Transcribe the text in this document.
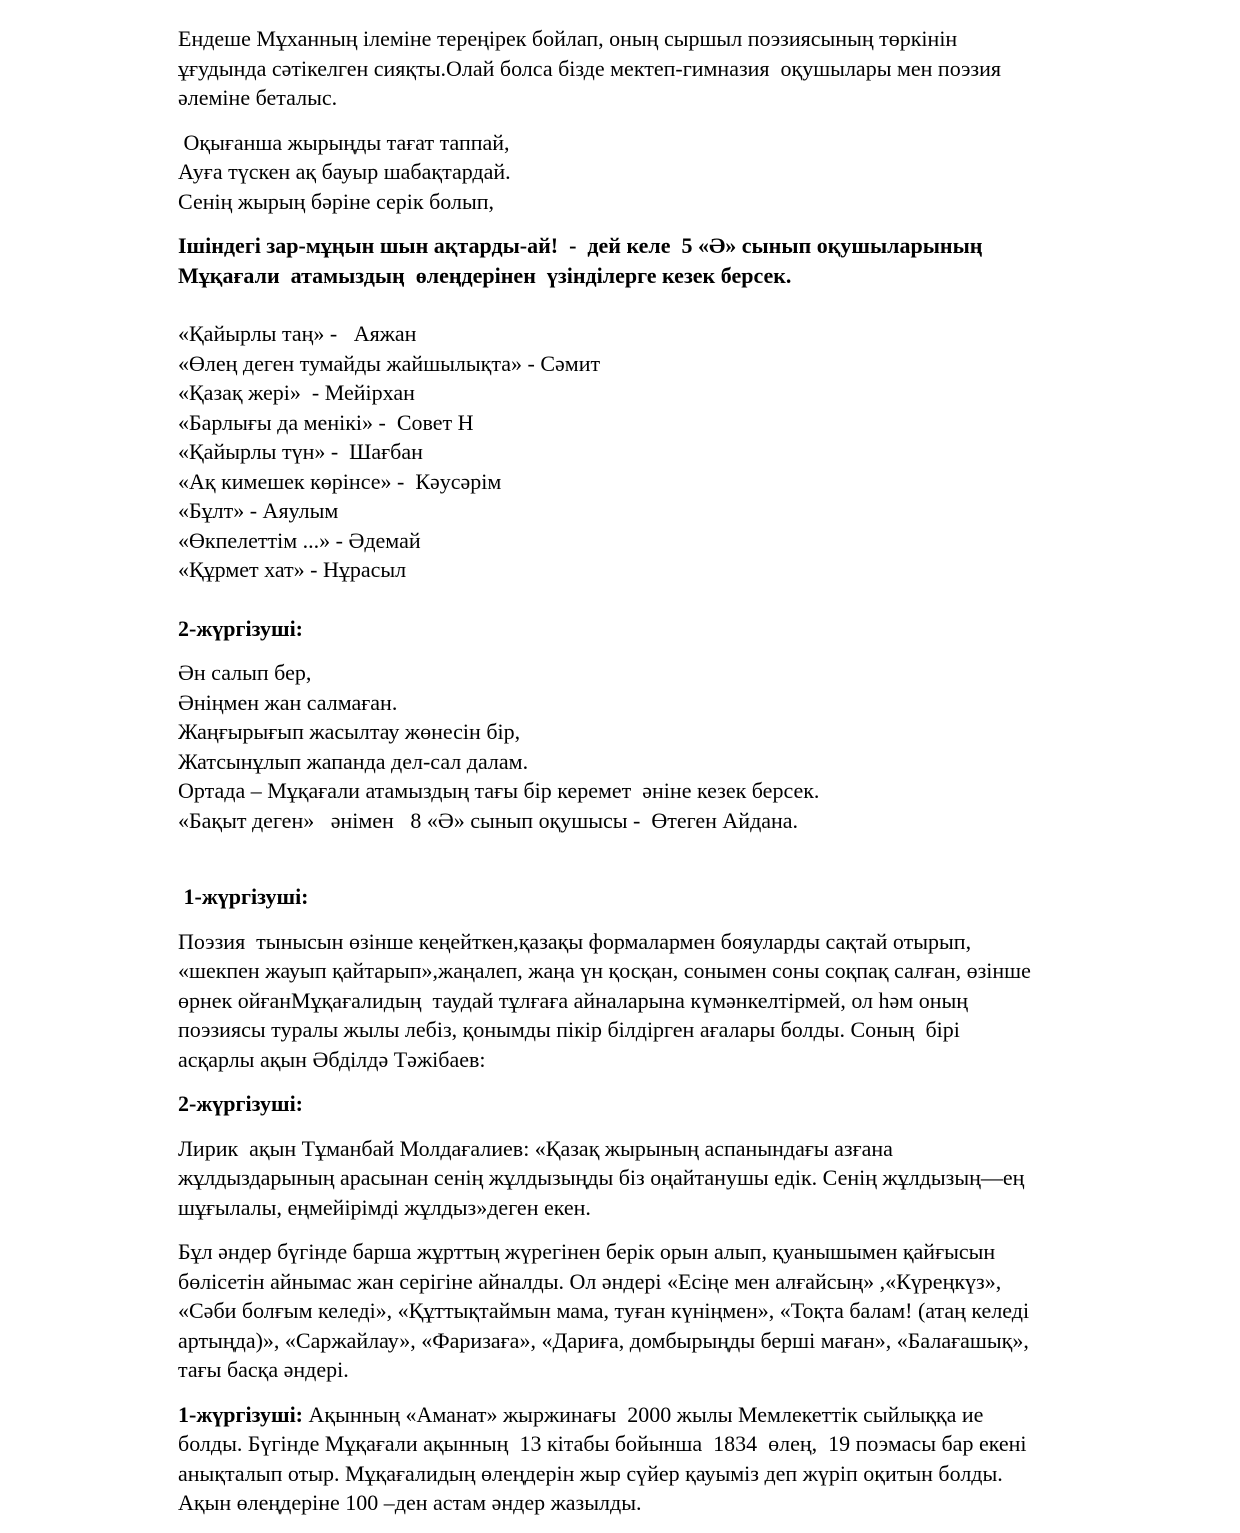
Ендеше Мұханның ілеміне тереңірек бойлап, оның сыршыл поэзиясының төркінін
ұғудында сәтікелген сияқты.Олай болса бізде мектеп-гимназия  оқушылары мен поэзия
әлеміне беталыс.
Оқығанша жырыңды тағат таппай,
Ауға түскен ақ бауыр шабақтардай.
Сенің жырың бәріне серік болып,
Ішіндегі зар-мұңын шын ақтарды-ай!  -  дей келе  5 «Ә» сынып оқушыларының
Мұқағали  атамыздың  өлеңдерінен  үзінділерге кезек берсек.
«Қайырлы таң» -   Аяжан
«Өлең деген тумайды жайшылықта» - Сәмит
«Қазақ жері»  - Мейірхан
«Барлығы да менікі» -  Совет Н
«Қайырлы түн» -  Шағбан
«Ақ кимешек көрінсе» -  Кәусәрім
«Бұлт» - Аяулым
«Өкпелеттім ...» - Әдемай
«Құрмет хат» - Нұрасыл
2-жүргізуші:
Ән салып бер,
Әніңмен жан салмаған.
Жаңғырығып жасылтау жөнесін бір,
Жатсынұлып жапанда дел-сал далам.
Ортада – Мұқағали атамыздың тағы бір керемет  әніне кезек берсек.
«Бақыт деген»   әнімен   8 «Ә» сынып оқушысы -  Өтеген Айдана.
1-жүргізуші:
Поэзия  тынысын өзінше кеңейткен,қазақы формалармен бояуларды сақтай отырып,
«шекпен жауып қайтарып»,жаңалеп, жаңа үн қосқан, сонымен соны соқпақ салған, өзінше
өрнек ойғанМұқағалидың  таудай тұлғаға айналарына күмәнкелтірмей, ол һәм оның
поэзиясы туралы жылы лебіз, қонымды пікір білдірген ағалары болды. Соның  бірі
асқарлы ақын Әбділдә Тәжібаев:
2-жүргізуші:
Лирик  ақын Тұманбай Молдағалиев: «Қазақ жырының аспанындағы азғана
жұлдыздарының арасынан сенің жұлдызыңды біз оңайтанушы едік. Сенің жұлдызың—ең
шұғылалы, еңмейірімді жұлдыз»деген екен.
Бұл әндер бүгінде барша жұрттың жүрегінен берік орын алып, қуанышымен қайғысын
бөлісетін айнымас жан серігіне айналды. Ол әндері «Есіңе мен алғайсың» ,«Күреңкүз»,
«Сәби болғым келеді», «Құттықтаймын мама, туған күніңмен», «Тоқта балам! (атаң келеді
артыңда)», «Саржайлау», «Фаризаға», «Дариға, домбырыңды берші маған», «Балағашық»,
тағы басқа әндері.
1-жүргізуші: Ақынның «Аманат» жыржинағы  2000 жылы Мемлекеттік сыйлыққа ие
болды. Бүгінде Мұқағали ақынның  13 кітабы бойынша  1834  өлең,  19 поэмасы бар екені
анықталып отыр. Мұқағалидың өлеңдерін жыр сүйер қауыміз деп жүріп оқитын болды.
Ақын өлеңдеріне 100 –ден астам әндер жазылды.
